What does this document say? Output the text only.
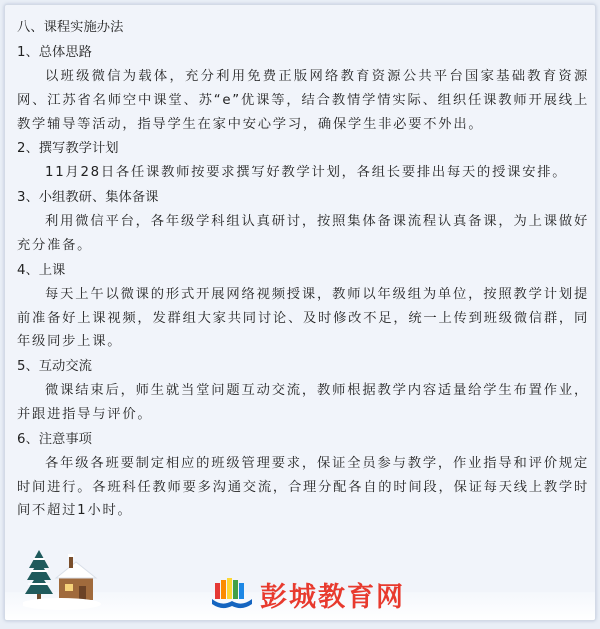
八、课程实施办法

1、总体思路

以班级微信为载体，充分利用免费正版网络教育资源公共平台国家基础教育资源网、江苏省名师空中课堂、苏“e”优课等，结合教情学情实际、组织任课教师开展线上教学辅导等活动，指导学生在家中安心学习，确保学生非必要不外出。

2、撰写教学计划

11月28日各任课教师按要求撰写好教学计划，各组长要排出每天的授课安排。

3、小组教研、集体备课

利用微信平台，各年级学科组认真研讨，按照集体备课流程认真备课，为上课做好充分准备。

4、上课

每天上午以微课的形式开展网络视频授课，教师以年级组为单位，按照教学计划提前准备好上课视频，发群组大家共同讨论、及时修改不足，统一上传到班级微信群，同年级同步上课。

5、互动交流

微课结束后，师生就当堂问题互动交流，教师根据教学内容适量给学生布置作业，并跟进指导与评价。

6、注意事项

各年级各班要制定相应的班级管理要求，保证全员参与教学，作业指导和评价规定时间进行。各班科任教师要多沟通交流，合理分配各自的时间段，保证每天线上教学时间不超过1小时。

彭城教育网
